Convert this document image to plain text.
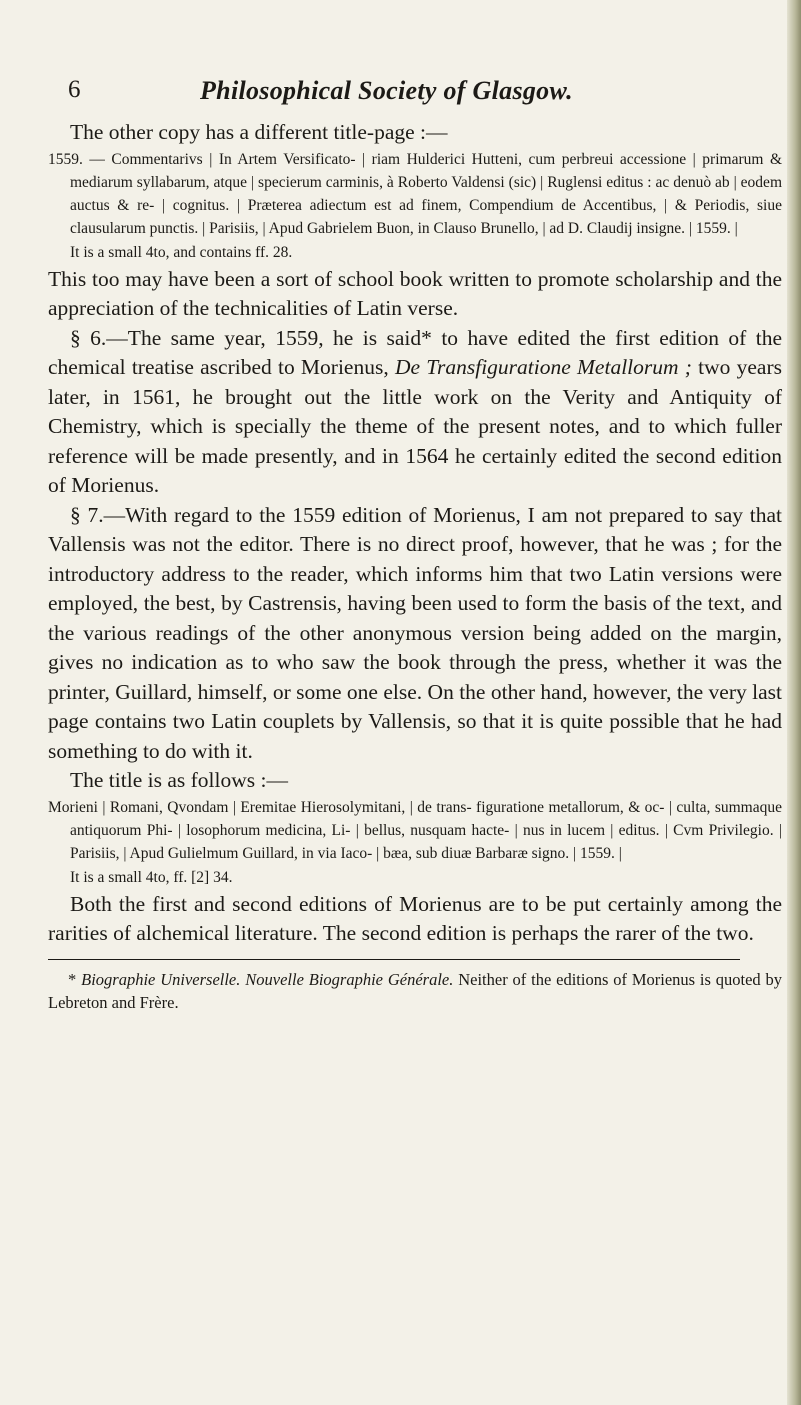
6	Philosophical Society of Glasgow.

The other copy has a different title-page :—

1559. — Commentarivs | In Artem Versificato- | riam Hulderici Hutteni, cum perbreui accessione | primarum & mediarum syllabarum, atque | specierum carminis, à Roberto Valdensi (sic) | Ruglensi editus : ac denuò ab | eodem auctus & re- | cognitus. | Præterea adiectum est ad finem, Compendium de Accentibus, | & Periodis, siue clausularum punctis. | Parisiis, | Apud Gabrielem Buon, in Clauso Brunello, | ad D. Claudij insigne. | 1559. |

It is a small 4to, and contains ff. 28.

This too may have been a sort of school book written to promote scholarship and the appreciation of the technicalities of Latin verse.

§ 6.—The same year, 1559, he is said* to have edited the first edition of the chemical treatise ascribed to Morienus, De Transfiguratione Metallorum ; two years later, in 1561, he brought out the little work on the Verity and Antiquity of Chemistry, which is specially the theme of the present notes, and to which fuller reference will be made presently, and in 1564 he certainly edited the second edition of Morienus.

§ 7.—With regard to the 1559 edition of Morienus, I am not prepared to say that Vallensis was not the editor. There is no direct proof, however, that he was ; for the introductory address to the reader, which informs him that two Latin versions were employed, the best, by Castrensis, having been used to form the basis of the text, and the various readings of the other anonymous version being added on the margin, gives no indication as to who saw the book through the press, whether it was the printer, Guillard, himself, or some one else. On the other hand, however, the very last page contains two Latin couplets by Vallensis, so that it is quite possible that he had something to do with it.

The title is as follows :—

Morieni | Romani, Qvondam | Eremitae Hierosolymitani, | de trans- figuratione metallorum, & oc- | culta, summaque antiquorum Phi- | losophorum medicina, Li- | bellus, nusquam hacte- | nus in lucem | editus. | Cvm Privilegio. | Parisiis, | Apud Gulielmum Guillard, in via Iaco- | bæa, sub diuæ Barbaræ signo. | 1559. |

It is a small 4to, ff. [2] 34.

Both the first and second editions of Morienus are to be put certainly among the rarities of alchemical literature. The second edition is perhaps the rarer of the two.

* Biographie Universelle. Nouvelle Biographie Générale. Neither of the editions of Morienus is quoted by Lebreton and Frère.
